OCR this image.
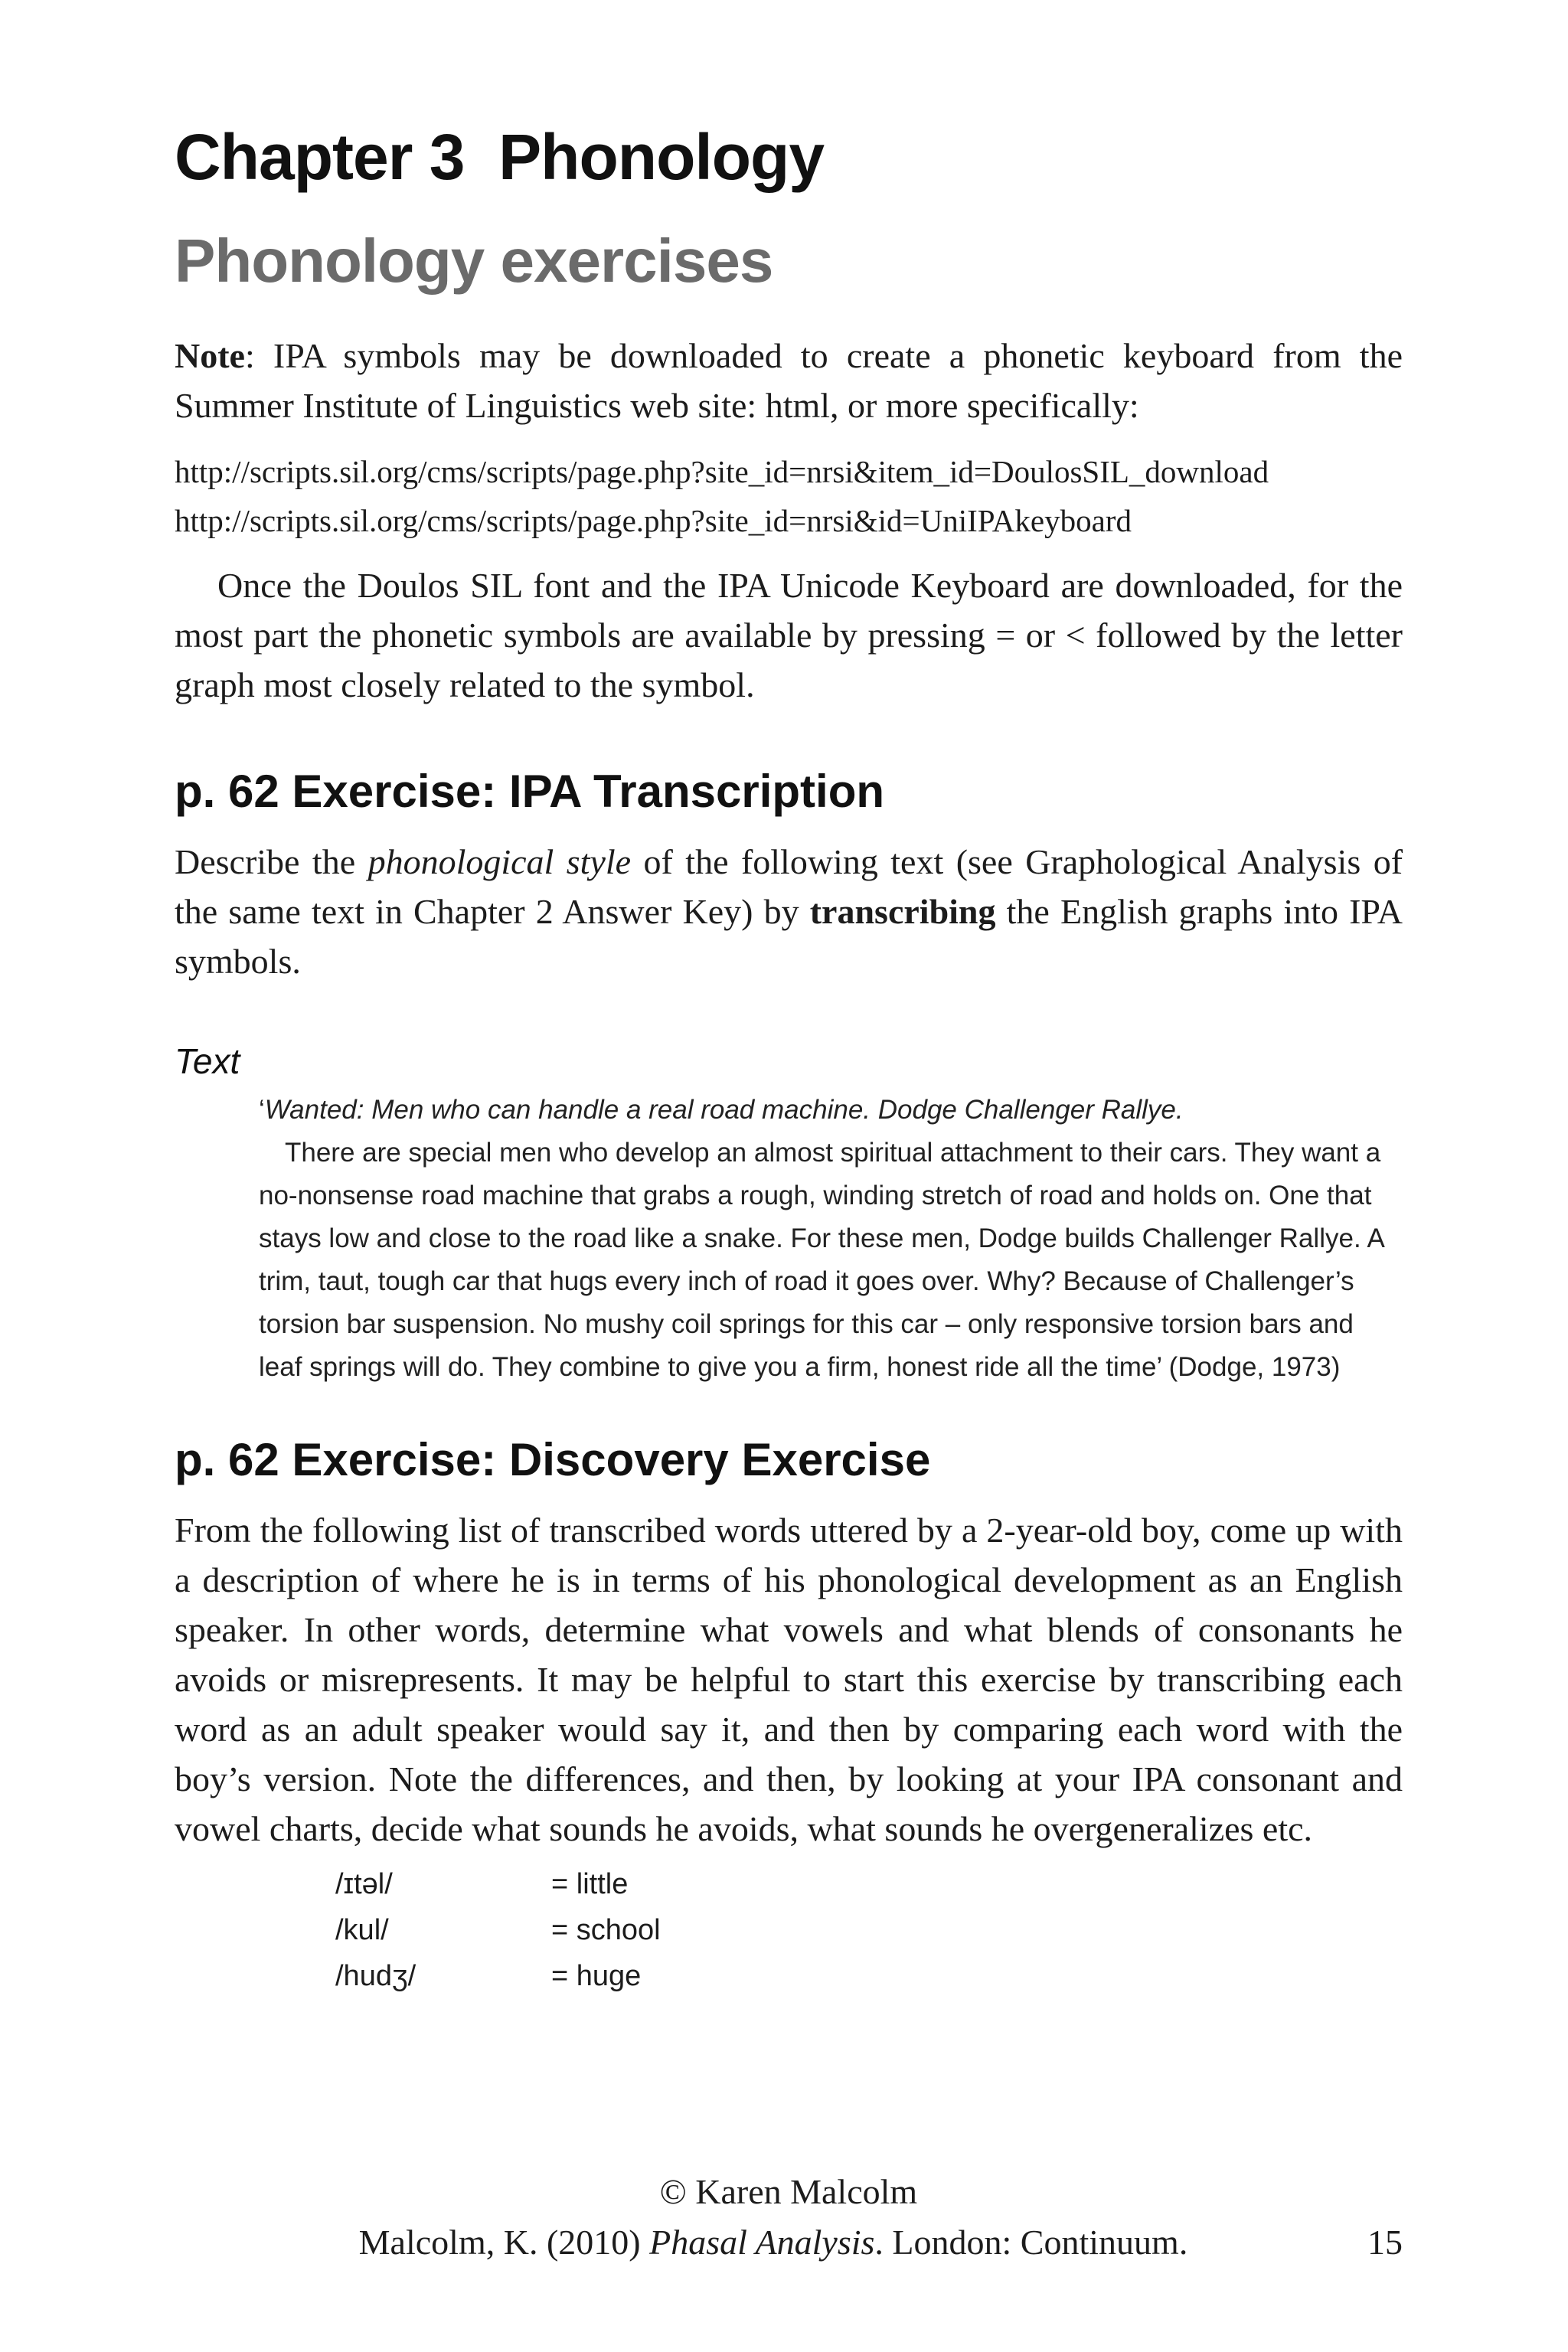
Chapter 3  Phonology
Phonology exercises

Note: IPA symbols may be downloaded to create a phonetic keyboard from the Summer Institute of Linguistics web site: html, or more specifically:

http://scripts.sil.org/cms/scripts/page.php?site_id=nrsi&item_id=DoulosSIL_download
http://scripts.sil.org/cms/scripts/page.php?site_id=nrsi&id=UniIPAkeyboard

Once the Doulos SIL font and the IPA Unicode Keyboard are downloaded, for the most part the phonetic symbols are available by pressing = or < followed by the letter graph most closely related to the symbol.

p. 62 Exercise: IPA Transcription

Describe the phonological style of the following text (see Graphological Analysis of the same text in Chapter 2 Answer Key) by transcribing the English graphs into IPA symbols.

Text
‘Wanted: Men who can handle a real road machine. Dodge Challenger Rallye.

There are special men who develop an almost spiritual attachment to their cars. They want a no-nonsense road machine that grabs a rough, winding stretch of road and holds on. One that stays low and close to the road like a snake. For these men, Dodge builds Challenger Rallye. A trim, taut, tough car that hugs every inch of road it goes over. Why? Because of Challenger’s torsion bar suspension. No mushy coil springs for this car – only responsive torsion bars and leaf springs will do. They combine to give you a firm, honest ride all the time’ (Dodge, 1973)

p. 62 Exercise: Discovery Exercise

From the following list of transcribed words uttered by a 2-year-old boy, come up with a description of where he is in terms of his phonological development as an English speaker. In other words, determine what vowels and what blends of consonants he avoids or misrepresents. It may be helpful to start this exercise by transcribing each word as an adult speaker would say it, and then by comparing each word with the boy’s version. Note the differences, and then, by looking at your IPA consonant and vowel charts, decide what sounds he avoids, what sounds he overgeneralizes etc.

/ɪtəl/	= little
/kul/	= school
/hudʒ/	= huge
© Karen Malcolm
Malcolm, K. (2010) Phasal Analysis. London: Continuum.	15
